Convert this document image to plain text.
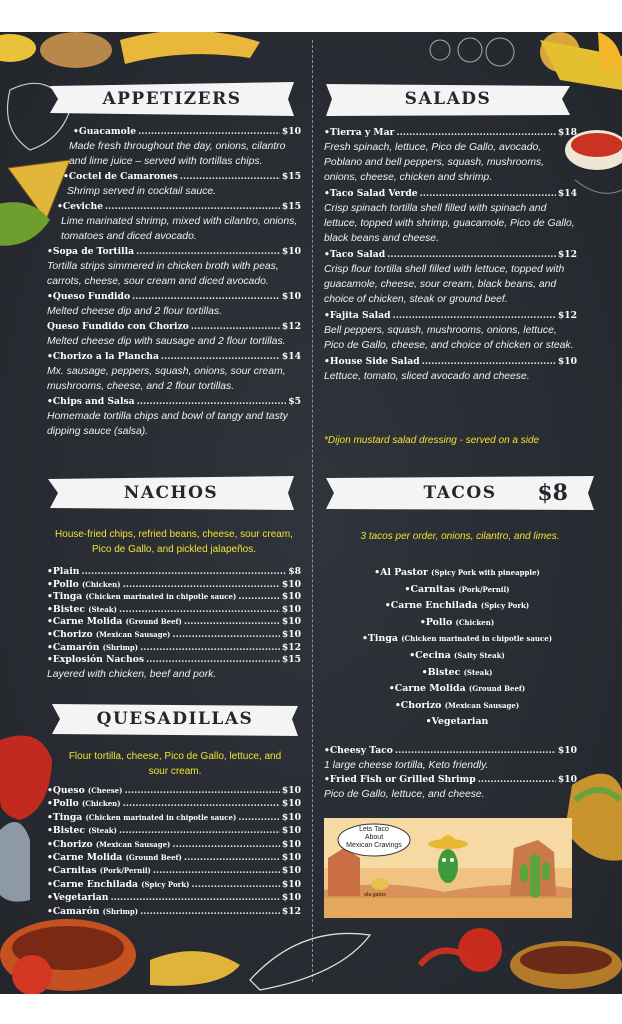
APPETIZERS
•Guacamole .....	$10
Made fresh throughout the day, onions, cilantro and lime juice – served with tortillas chips.
•Coctel de Camarones .....	$15
Shrimp served in cocktail sauce.
•Ceviche .....	$15
Lime marinated shrimp, mixed with cilantro, onions, tomatoes and diced avocado.
•Sopa de Tortilla .....	$10
Tortilla strips simmered in chicken broth with peas, carrots, cheese, sour cream and diced avocado.
•Queso Fundido .....	$10
Melted cheese dip and 2 flour tortillas.
Queso Fundido con Chorizo .....	$12
Melted cheese dip with sausage and 2 flour tortillas.
•Chorizo a la Plancha .....	$14
Mx. sausage, peppers, squash, onions, sour cream, mushrooms, cheese, and 2 flour tortillas.
•Chips and Salsa .....	$5
Homemade tortilla chips and bowl of tangy and tasty dipping sauce (salsa).
SALADS
•Tierra y Mar .....	$18
Fresh spinach, lettuce, Pico de Gallo, avocado, Poblano and bell peppers, squash, mushrooms, onions, cheese, chicken and shrimp.
•Taco Salad Verde .....	$14
Crisp spinach tortilla shell filled with spinach and lettuce, topped with shrimp, guacamole, Pico de Gallo, black beans and cheese.
•Taco Salad .....	$12
Crisp flour tortilla shell filled with lettuce, topped with guacamole, cheese, sour cream, black beans, and choice of chicken, steak or ground beef.
•Fajita Salad .....	$12
Bell peppers, squash, mushrooms, onions, lettuce, Pico de Gallo, cheese, and choice of chicken or steak.
•House Side Salad .....	$10
Lettuce, tomato, sliced avocado and cheese.
*Dijon mustard salad dressing - served on a side
NACHOS
House-fried chips, refried beans, cheese, sour cream, Pico de Gallo, and pickled jalapeños.
•Plain .....	$8
•Pollo (Chicken) .....	$10
•Tinga (Chicken marinated in chipotle sauce) .....	$10
•Bistec (Steak) .....	$10
•Carne Molida (Ground Beef) .....	$10
•Chorizo (Mexican Sausage) .....	$10
•Camarón (Shrimp) .....	$12
•Explosión Nachos .....	$15
Layered with chicken, beef and pork.
QUESADILLAS
Flour tortilla, cheese, Pico de Gallo, lettuce, and sour cream.
•Queso (Cheese) .....	$10
•Pollo (Chicken) .....	$10
•Tinga (Chicken marinated in chipotle sauce) .....	$10
•Bistec (Steak) .....	$10
•Chorizo (Mexican Sausage) .....	$10
•Carne Molida (Ground Beef) .....	$10
•Carnitas (Pork/Pernil) .....	$10
•Carne Enchilada (Spicy Pork) .....	$10
•Vegetarian .....	$10
•Camarón (Shrimp) .....	$12
TACOS $8
3 tacos per order, onions, cilantro, and limes.
•Al Pastor (Spicy Pork with pineapple)
•Carnitas (Pork/Pernil)
•Carne Enchilada (Spicy Pork)
•Pollo (Chicken)
•Tinga (Chicken marinated in chipotle sauce)
•Cecina (Salty Steak)
•Bistec (Steak)
•Carne Molida (Ground Beef)
•Chorizo (Mexican Sausage)
•Vegetarian
•Cheesy Taco .....	$10
1 large cheese tortilla, Keto friendly.
•Fried Fish or Grilled Shrimp .....	$10
Pico de Gallo, lettuce, and cheese.
Lets Taco
About
Mexican Cravings
ola gatos
